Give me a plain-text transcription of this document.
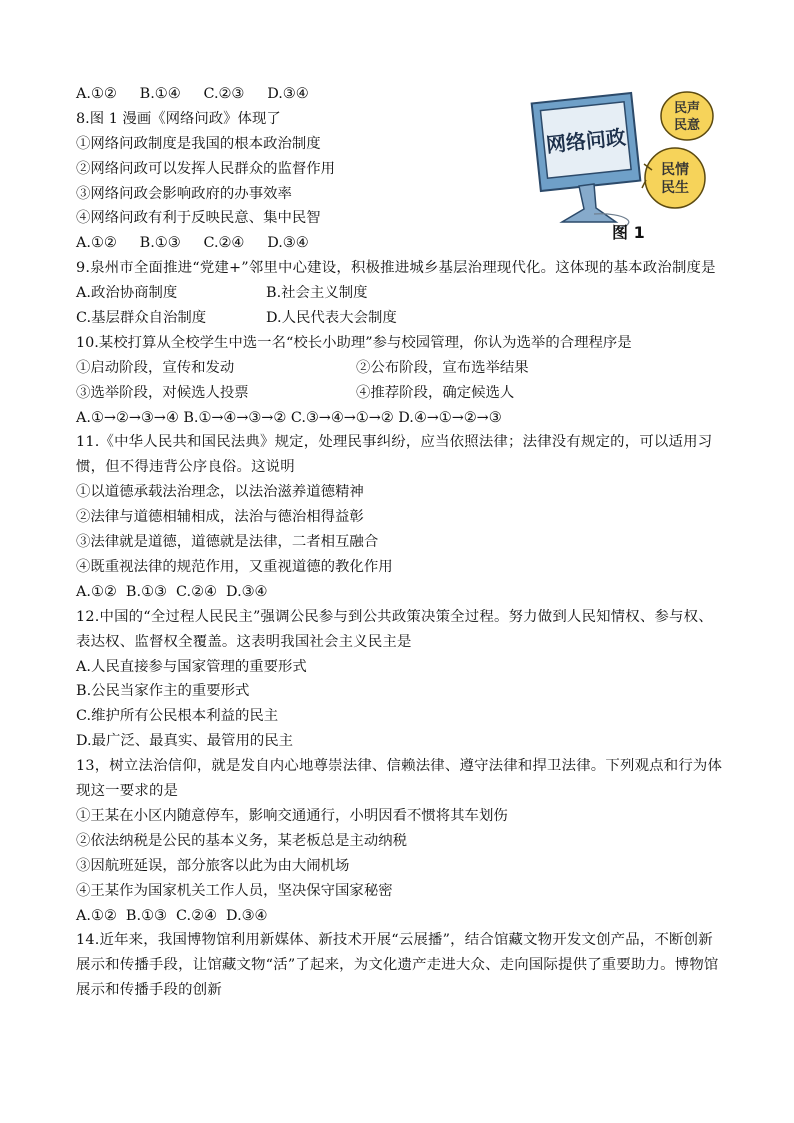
A.①②     B.①④     C.②③     D.③④
8.图 1 漫画《网络问政》体现了
①网络问政制度是我国的根本政治制度
②网络问政可以发挥人民群众的监督作用
③网络问政会影响政府的办事效率
④网络问政有利于反映民意、集中民智
A.①②     B.①③     C.②④     D.③④
9.泉州市全面推进“党建+”邻里中心建设，积极推进城乡基层治理现代化。这体现的基本政治制度是
A.政治协商制度	B.社会主义制度
C.基层群众自治制度	D.人民代表大会制度
10.某校打算从全校学生中选一名“校长小助理”参与校园管理，你认为选举的合理程序是
①启动阶段，宣传和发动	②公布阶段，宣布选举结果
③选举阶段，对候选人投票	④推荐阶段，确定候选人
A.①→②→③→④ B.①→④→③→② C.③→④→①→② D.④→①→②→③
11.《中华人民共和国民法典》规定，处理民事纠纷，应当依照法律；法律没有规定的，可以适用习惯，但不得违背公序良俗。这说明
①以道德承载法治理念，以法治滋养道德精神
②法律与道德相辅相成，法治与德治相得益彰
③法律就是道德，道德就是法律，二者相互融合
④既重视法律的规范作用，又重视道德的教化作用
A.①②  B.①③  C.②④  D.③④
12.中国的“全过程人民民主”强调公民参与到公共政策决策全过程。努力做到人民知情权、参与权、表达权、监督权全覆盖。这表明我国社会主义民主是
A.人民直接参与国家管理的重要形式
B.公民当家作主的重要形式
C.维护所有公民根本利益的民主
D.最广泛、最真实、最管用的民主
13，树立法治信仰，就是发自内心地尊崇法律、信赖法律、遵守法律和捍卫法律。下列观点和行为体现这一要求的是
①王某在小区内随意停车，影响交通通行，小明因看不惯将其车划伤
②依法纳税是公民的基本义务，某老板总是主动纳税
③因航班延误，部分旅客以此为由大闹机场
④王某作为国家机关工作人员，坚决保守国家秘密
A.①②  B.①③  C.②④  D.③④
14.近年来，我国博物馆利用新媒体、新技术开展“云展播”，结合馆藏文物开发文创产品，不断创新展示和传播手段，让馆藏文物“活”了起来，为文化遗产走进大众、走向国际提供了重要助力。博物馆展示和传播手段的创新
网络问政
民声
民意
民情
民生
图 1
